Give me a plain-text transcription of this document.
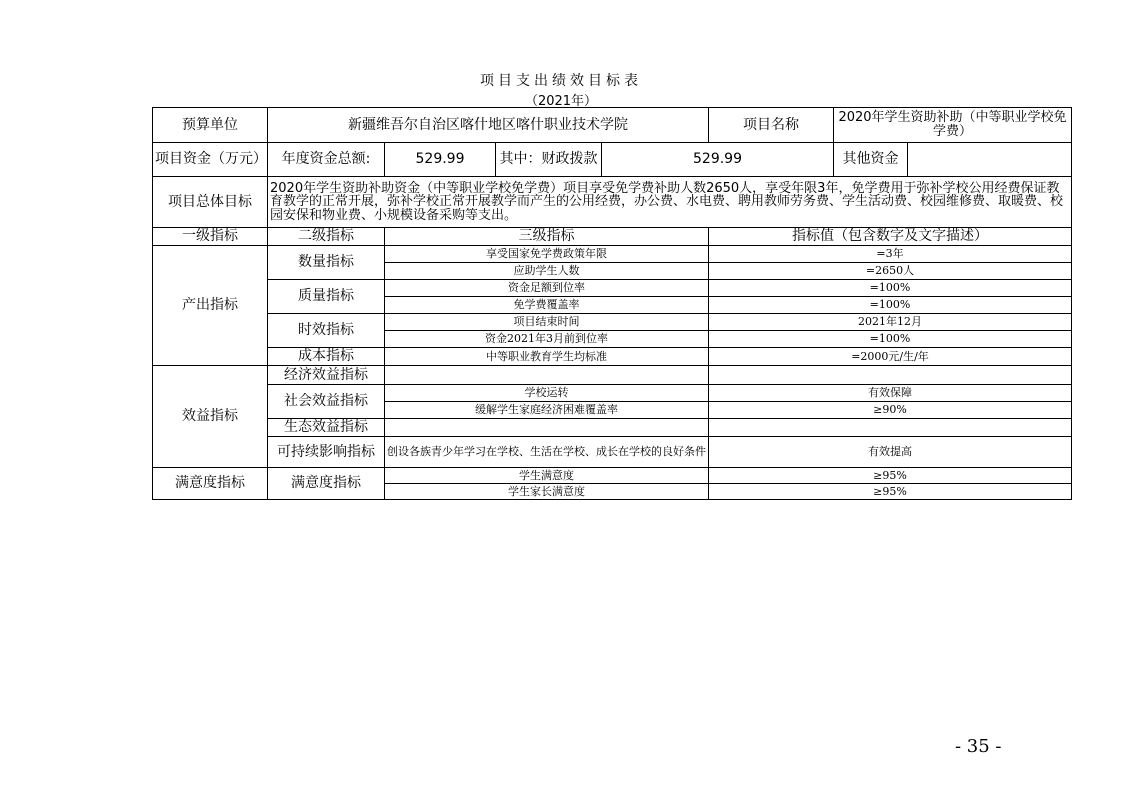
项目支出绩效目标表
（2021年）
预算单位	新疆维吾尔自治区喀什地区喀什职业技术学院				项目名称	2020年学生资助补助（中等职业学校免学费）	
项目资金（万元）	年度资金总额:	529.99	其中：财政拨款	529.99		其他资金	
项目总体目标	2020年学生资助补助资金（中等职业学校免学费）项目享受免学费补助人数2650人，享受年限3年，免学费用于弥补学校公用经费保证教育教学的正常开展，弥补学校正常开展教学而产生的公用经费，办公费、水电费、聘用教师劳务费、学生活动费、校园维修费、取暖费、校园安保和物业费、小规模设备采购等支出。						
一级指标	二级指标	三级指标			指标值（包含数字及文字描述）		
产出指标	数量指标	享受国家免学费政策年限			=3年		
		应助学生人数			=2650人		
	质量指标	资金足额到位率			=100%		
		免学费覆盖率			=100%		
	时效指标	项目结束时间			2021年12月		
		资金2021年3月前到位率			=100%		
	成本指标	中等职业教育学生均标准			=2000元/生/年		
效益指标	经济效益指标						
	社会效益指标	学校运转			有效保障		
		缓解学生家庭经济困难覆盖率			≥90%		
	生态效益指标						
	可持续影响指标	创设各族青少年学习在学校、生活在学校、成长在学校的良好条件			有效提高		

满意度指标	满意度指标	学生满意度			≥95%		
		学生家长满意度			≥95%		
- 35 -
